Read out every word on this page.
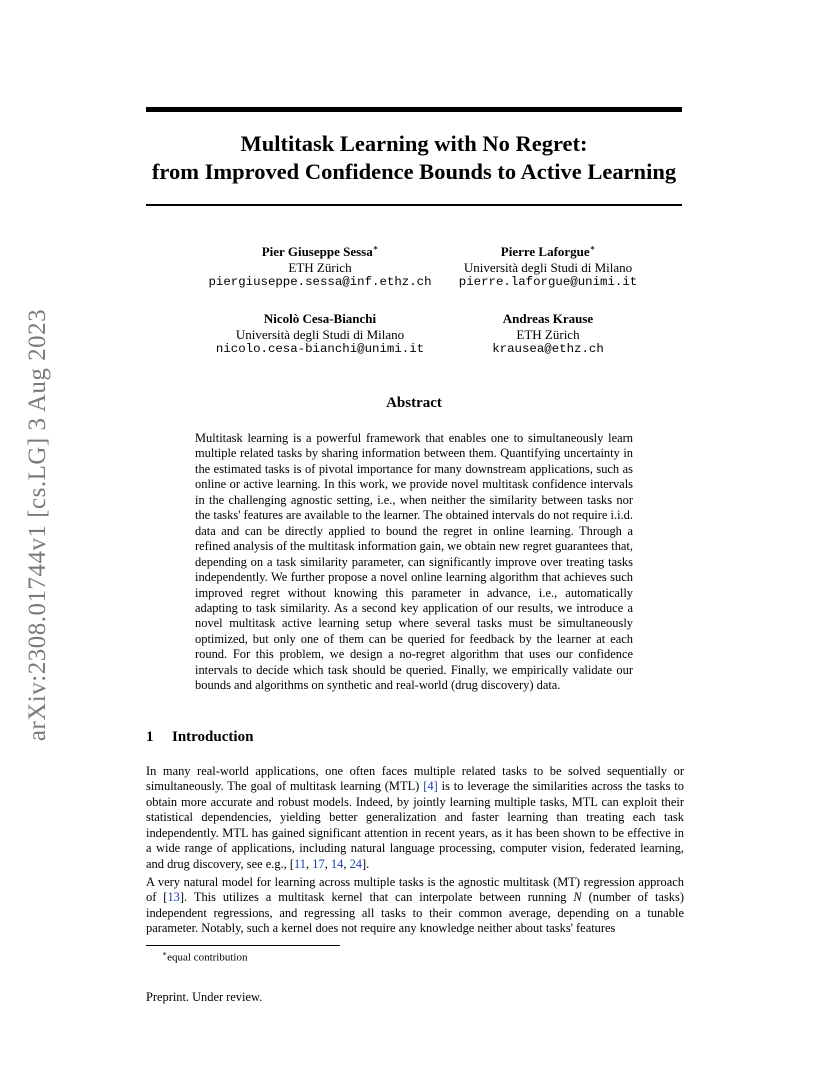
arXiv:2308.01744v1 [cs.LG] 3 Aug 2023
Multitask Learning with No Regret:
from Improved Confidence Bounds to Active Learning
Pier Giuseppe Sessa∗
ETH Zürich
piergiuseppe.sessa@inf.ethz.ch
Pierre Laforgue∗
Università degli Studi di Milano
pierre.laforgue@unimi.it
Nicolò Cesa-Bianchi
Università degli Studi di Milano
nicolo.cesa-bianchi@unimi.it
Andreas Krause
ETH Zürich
krausea@ethz.ch
Abstract
Multitask learning is a powerful framework that enables one to simultaneously learn multiple related tasks by sharing information between them. Quantifying uncertainty in the estimated tasks is of pivotal importance for many downstream applications, such as online or active learning. In this work, we provide novel multitask confidence intervals in the challenging agnostic setting, i.e., when neither the similarity between tasks nor the tasks' features are available to the learner. The obtained intervals do not require i.i.d. data and can be directly applied to bound the regret in online learning. Through a refined analysis of the multitask information gain, we obtain new regret guarantees that, depending on a task similarity parameter, can significantly improve over treating tasks independently. We further propose a novel online learning algorithm that achieves such improved regret without knowing this parameter in advance, i.e., automatically adapting to task similarity. As a second key application of our results, we introduce a novel multitask active learning setup where several tasks must be simultaneously optimized, but only one of them can be queried for feedback by the learner at each round. For this problem, we design a no-regret algorithm that uses our confidence intervals to decide which task should be queried. Finally, we empirically validate our bounds and algorithms on synthetic and real-world (drug discovery) data.
1 Introduction

In many real-world applications, one often faces multiple related tasks to be solved sequentially or simultaneously. The goal of multitask learning (MTL) [4] is to leverage the similarities across the tasks to obtain more accurate and robust models. Indeed, by jointly learning multiple tasks, MTL can exploit their statistical dependencies, yielding better generalization and faster learning than treating each task independently. MTL has gained significant attention in recent years, as it has been shown to be effective in a wide range of applications, including natural language processing, computer vision, federated learning, and drug discovery, see e.g., [11, 17, 14, 24].

A very natural model for learning across multiple tasks is the agnostic multitask (MT) regression approach of [13]. This utilizes a multitask kernel that can interpolate between running N (number of tasks) independent regressions, and regressing all tasks to their common average, depending on a tunable parameter. Notably, such a kernel does not require any knowledge neither about tasks' features

∗equal contribution
Preprint. Under review.
